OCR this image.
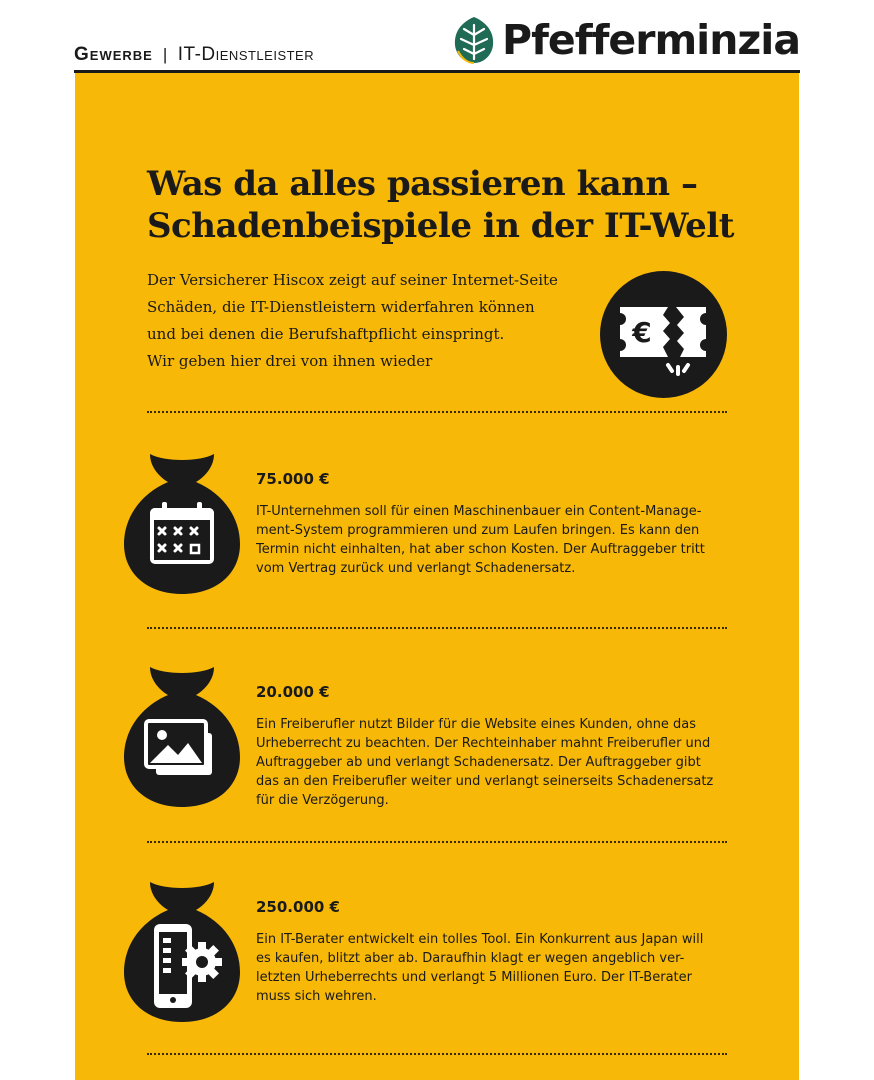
Gewerbe | IT-Dienstleister	Pfefferminzia
Was da alles passieren kann –
Schadenbeispiele in der IT-Welt

Der Versicherer Hiscox zeigt auf seiner Internet-Seite
Schäden, die IT-Dienstleistern widerfahren können
und bei denen die Berufshaftpflicht einspringt.
Wir geben hier drei von ihnen wieder

€

75.000 €

IT-Unternehmen soll für einen Maschinenbauer ein Content-Manage-
ment-System programmieren und zum Laufen bringen. Es kann den
Termin nicht einhalten, hat aber schon Kosten. Der Auftraggeber tritt
vom Vertrag zurück und verlangt Schadenersatz.

20.000 €

Ein Freiberufler nutzt Bilder für die Website eines Kunden, ohne das
Urheberrecht zu beachten. Der Rechteinhaber mahnt Freiberufler und
Auftraggeber ab und verlangt Schadenersatz. Der Auftraggeber gibt
das an den Freiberufler weiter und verlangt seinerseits Schadenersatz
für die Verzögerung.

250.000 €

Ein IT-Berater entwickelt ein tolles Tool. Ein Konkurrent aus Japan will
es kaufen, blitzt aber ab. Daraufhin klagt er wegen angeblich ver-
letzten Urheberrechts und verlangt 5 Millionen Euro. Der IT-Berater
muss sich wehren.
